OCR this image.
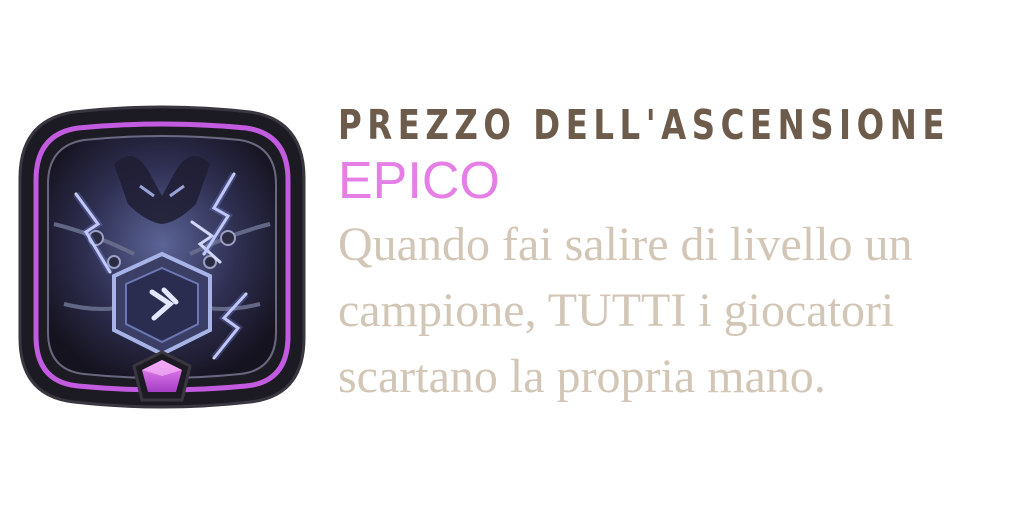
PREZZO DELL'ASCENSIONE
EPICO

Quando fai salire di livello un
campione, TUTTI i giocatori
scartano la propria mano.
